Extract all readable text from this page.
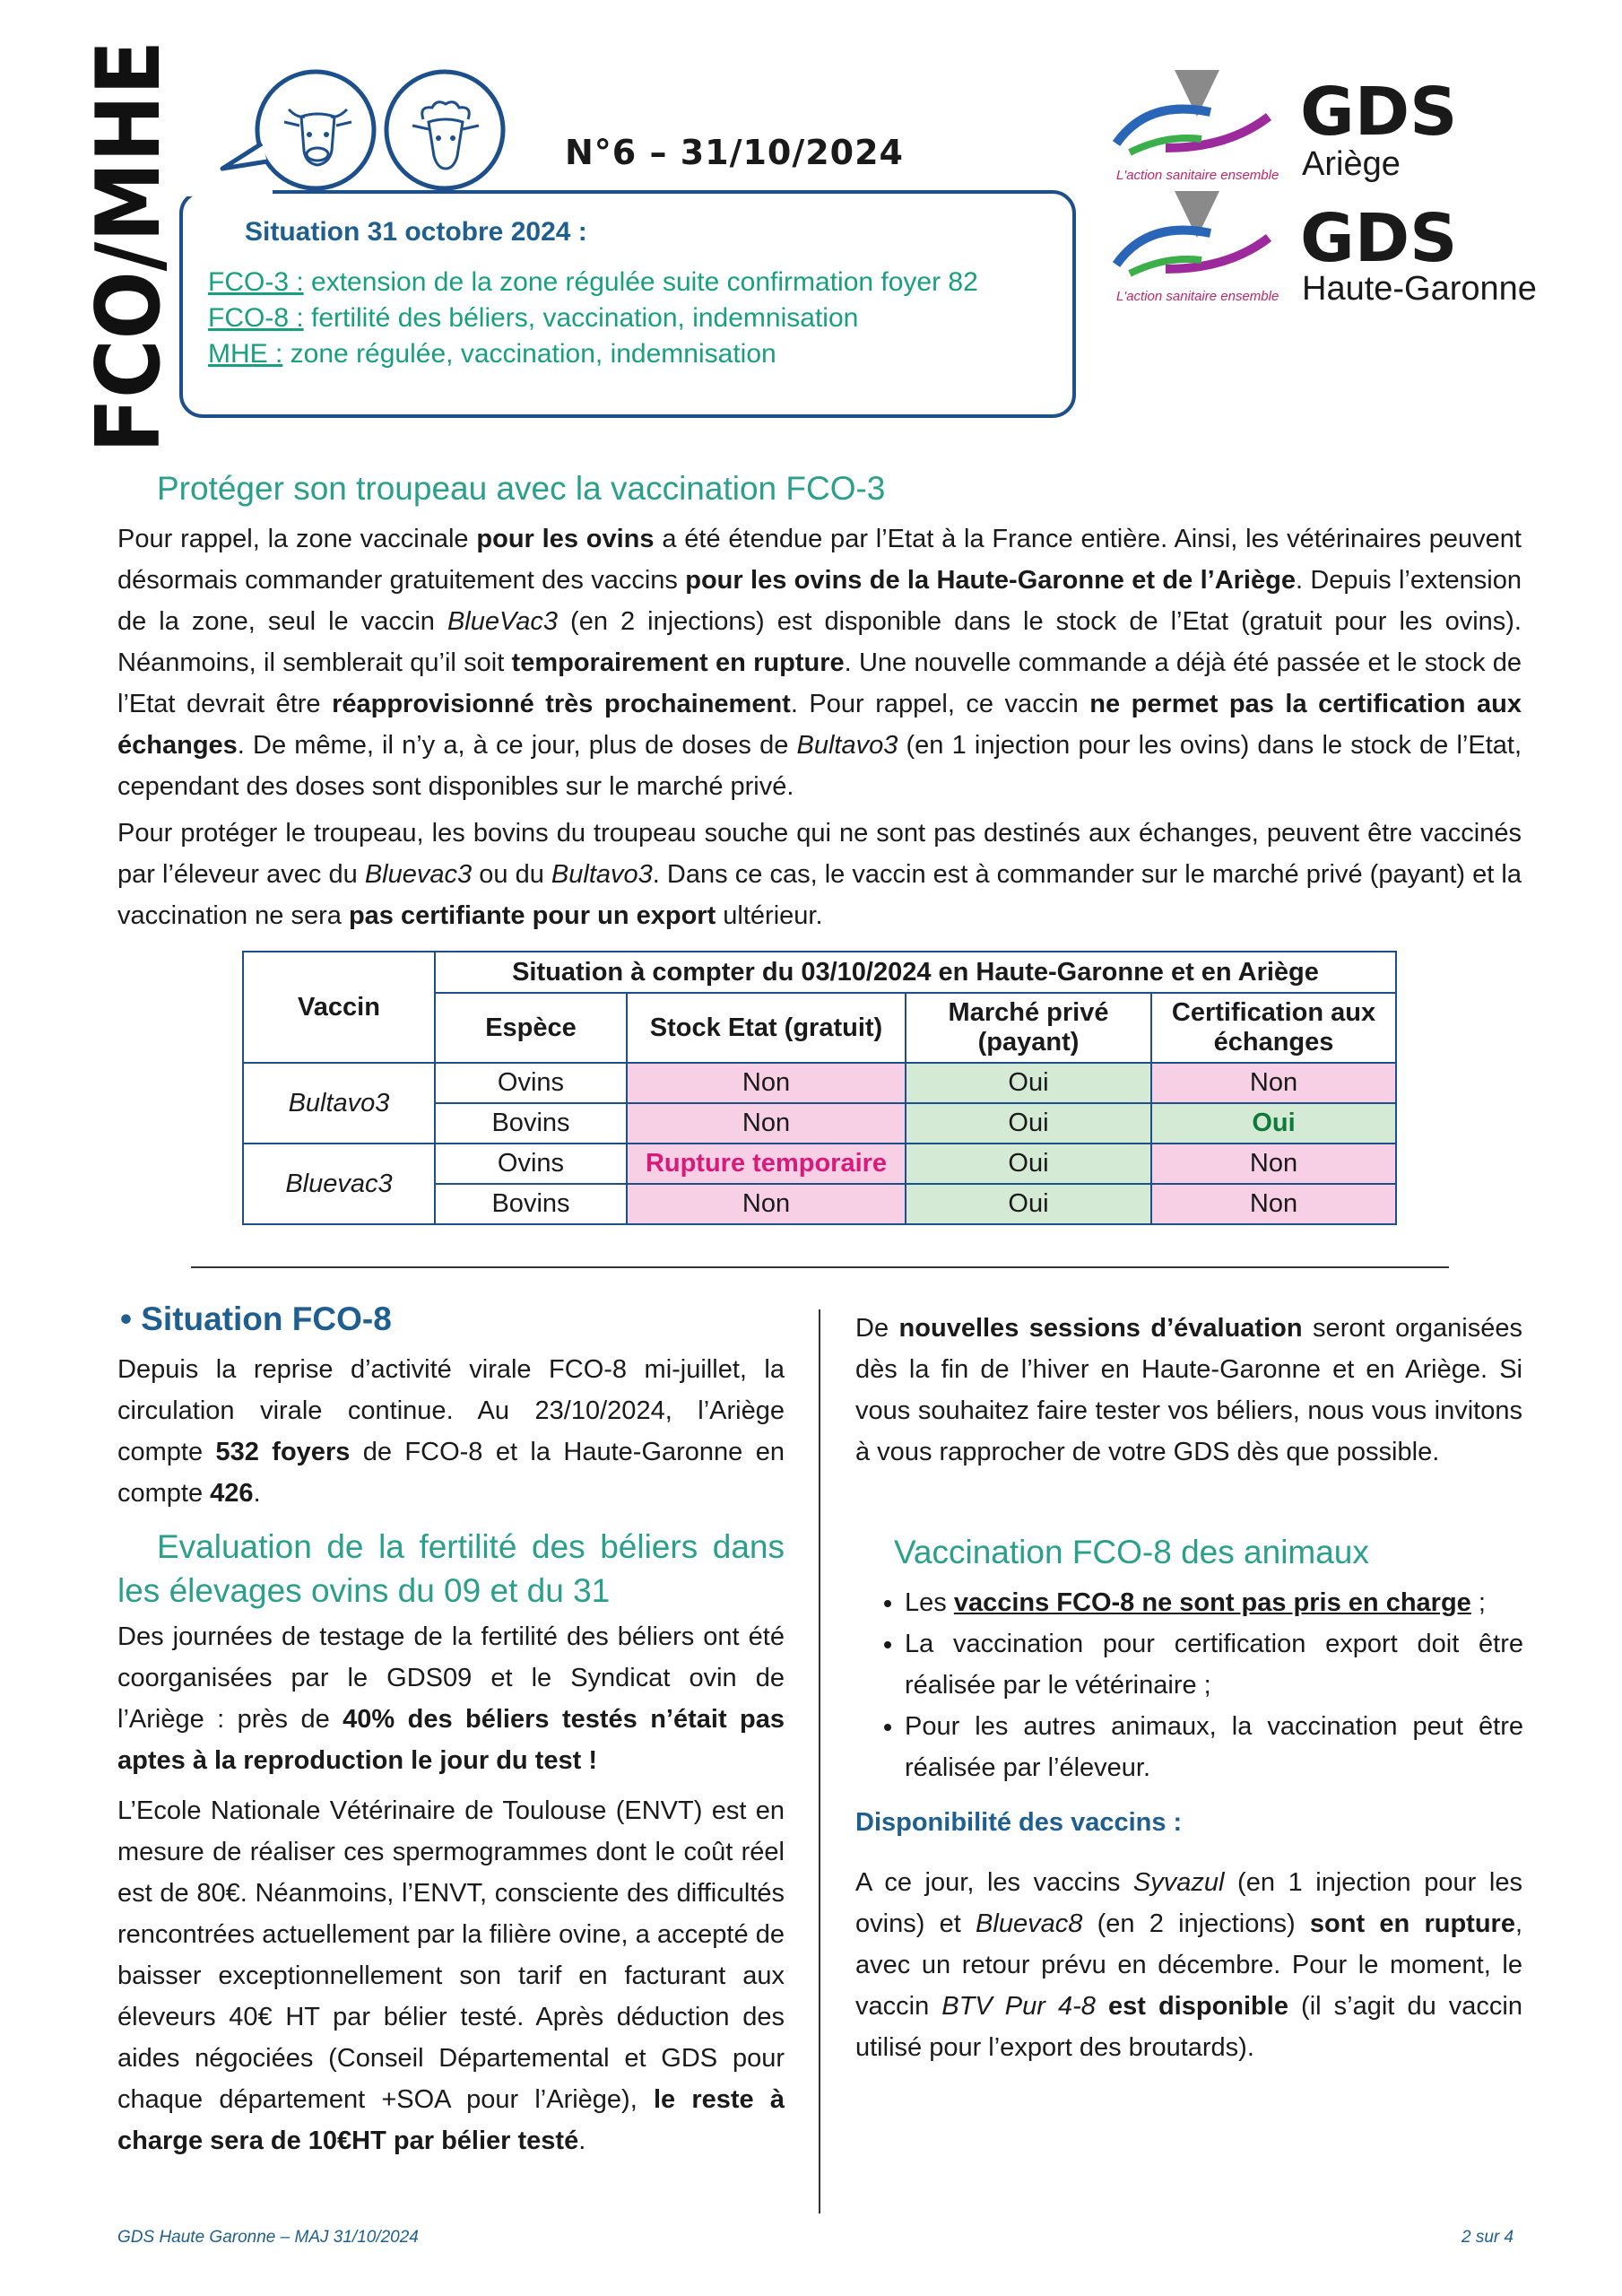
FCO/MHE	N°6 – 31/10/2024
Situation 31 octobre 2024 :
FCO-3 : extension de la zone régulée suite confirmation foyer 82
FCO-8 : fertilité des béliers, vaccination, indemnisation
MHE : zone régulée, vaccination, indemnisation
GDS
Ariège
L'action sanitaire ensemble
GDS
Haute-Garonne
L'action sanitaire ensemble
Protéger son troupeau avec la vaccination FCO-3
Pour rappel, la zone vaccinale pour les ovins a été étendue par l’Etat à la France entière. Ainsi, les vétérinaires peuvent désormais commander gratuitement des vaccins pour les ovins de la Haute-Garonne et de l’Ariège. Depuis l’extension de la zone, seul le vaccin BlueVac3 (en 2 injections) est disponible dans le stock de l’Etat (gratuit pour les ovins). Néanmoins, il semblerait qu’il soit temporairement en rupture. Une nouvelle commande a déjà été passée et le stock de l’Etat devrait être réapprovisionné très prochainement. Pour rappel, ce vaccin ne permet pas la certification aux échanges. De même, il n’y a, à ce jour, plus de doses de Bultavo3 (en 1 injection pour les ovins) dans le stock de l’Etat, cependant des doses sont disponibles sur le marché privé.
Pour protéger le troupeau, les bovins du troupeau souche qui ne sont pas destinés aux échanges, peuvent être vaccinés par l’éleveur avec du Bluevac3 ou du Bultavo3. Dans ce cas, le vaccin est à commander sur le marché privé (payant) et la vaccination ne sera pas certifiante pour un export ultérieur.
Vaccin	Situation à compter du 03/10/2024 en Haute-Garonne et en Ariège			
	Espèce	Stock Etat (gratuit)	Marché privé (payant)	Certification aux échanges
Bultavo3	Ovins	Non	Oui	Non
	Bovins	Non	Oui	Oui
Bluevac3	Ovins	Rupture temporaire	Oui	Non
	Bovins	Non	Oui	Non
• Situation FCO-8
Depuis la reprise d’activité virale FCO-8 mi-juillet, la circulation virale continue. Au 23/10/2024, l’Ariège compte 532 foyers de FCO-8 et la Haute-Garonne en compte 426.
Evaluation de la fertilité des béliers dans les élevages ovins du 09 et du 31
Des journées de testage de la fertilité des béliers ont été coorganisées par le GDS09 et le Syndicat ovin de l’Ariège : près de 40% des béliers testés n’était pas aptes à la reproduction le jour du test !
L’Ecole Nationale Vétérinaire de Toulouse (ENVT) est en mesure de réaliser ces spermogrammes dont le coût réel est de 80€. Néanmoins, l’ENVT, consciente des difficultés rencontrées actuellement par la filière ovine, a accepté de baisser exceptionnellement son tarif en facturant aux éleveurs 40€ HT par bélier testé. Après déduction des aides négociées (Conseil Départemental et GDS pour chaque département +SOA pour l’Ariège), le reste à charge sera de 10€HT par bélier testé.
De nouvelles sessions d’évaluation seront organisées dès la fin de l’hiver en Haute-Garonne et en Ariège. Si vous souhaitez faire tester vos béliers, nous vous invitons à vous rapprocher de votre GDS dès que possible.
Vaccination FCO-8 des animaux
• Les vaccins FCO-8 ne sont pas pris en charge ;
• La vaccination pour certification export doit être réalisée par le vétérinaire ;
• Pour les autres animaux, la vaccination peut être réalisée par l’éleveur.
Disponibilité des vaccins :
A ce jour, les vaccins Syvazul (en 1 injection pour les ovins) et Bluevac8 (en 2 injections) sont en rupture, avec un retour prévu en décembre. Pour le moment, le vaccin BTV Pur 4-8 est disponible (il s’agit du vaccin utilisé pour l’export des broutards).
GDS Haute Garonne – MAJ 31/10/2024	2 sur 4
